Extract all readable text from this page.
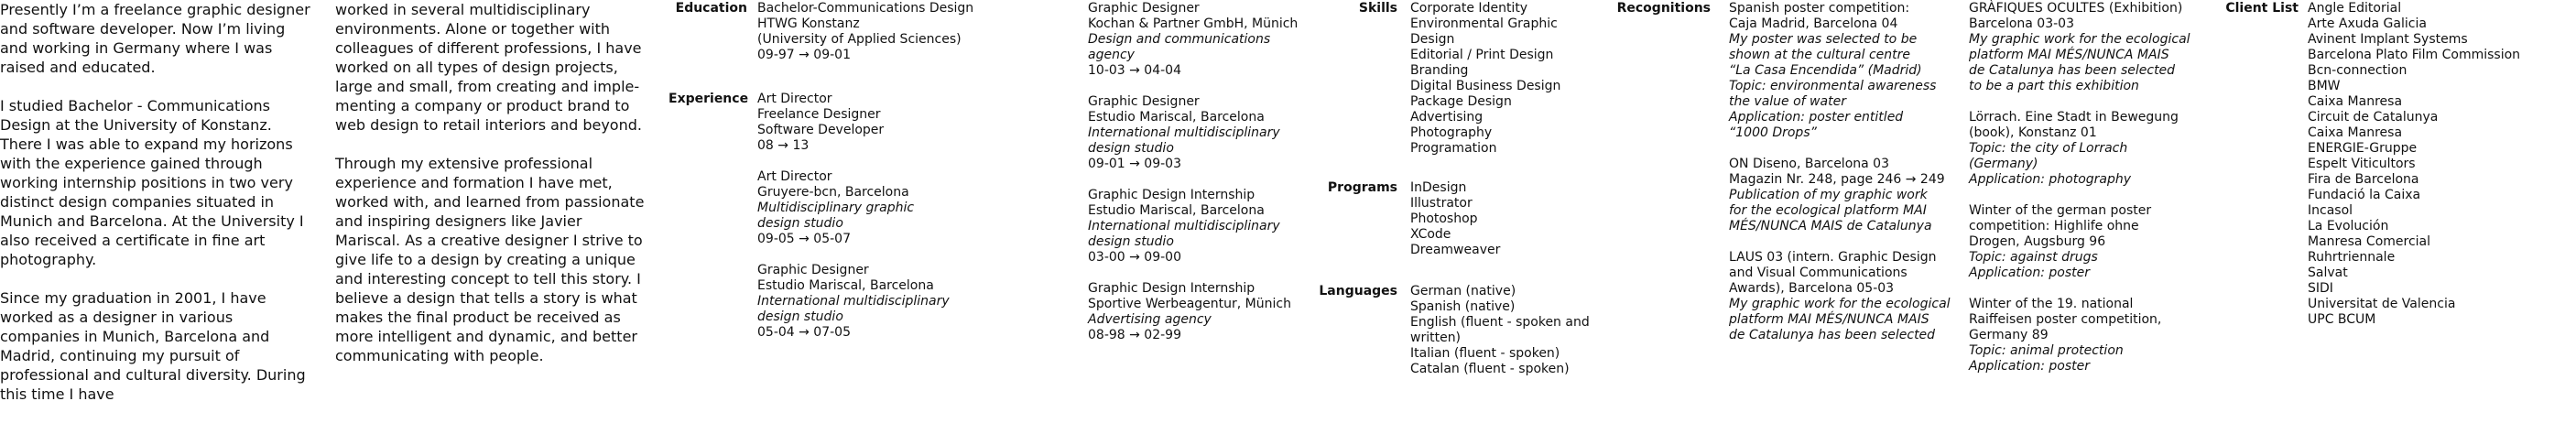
Presently I’m a freelance graphic designer and software developer. Now I’m living and working in Germany where I was raised and educated.

I studied Bachelor - Communications Design at the University of Konstanz. There I was able to expand my horizons with the experience gained through working internship positions in two very distinct design companies situated in Munich and Barcelona. At the University I also received a certificate in fine art photography.

Since my graduation in 2001, I have worked as a designer in various companies in Munich, Barcelona and Madrid, continuing my pursuit of professional and cultural diversity. During this time I have

worked in several multidisciplinary environments. Alone or together with colleagues of different professions, I have worked on all types of design projects, large and small, from creating and imple-menting a company or product brand to web design to retail interiors and beyond.

Through my extensive professional experience and formation I have met, worked with, and learned from passionate and inspiring designers like Javier Mariscal. As a creative designer I strive to give life to a design by creating a unique and interesting concept to tell this story. I believe a design that tells a story is what makes the final product be received as more intelligent and dynamic, and better communicating with people.

Education
Experience
Skills
Programs
Languages
Recognitions	Client List
Bachelor-Communications Design
HTWG Konstanz
(University of Applied Sciences)
09-97 → 09-01
Art Director
Freelance Designer
Software Developer
08 → 13
Art Director
Gruyere-bcn, Barcelona
Multidisciplinary graphic
design studio
09-05 → 05-07
Graphic Designer
Estudio Mariscal, Barcelona
International multidisciplinary
design studio
05-04 → 07-05
Graphic Designer
Kochan & Partner GmbH, Münich
Design and communications
agency
10-03 → 04-04
Graphic Designer
Estudio Mariscal, Barcelona
International multidisciplinary
design studio
09-01 → 09-03
Graphic Design Internship
Estudio Mariscal, Barcelona
International multidisciplinary
design studio
03-00 → 09-00
Graphic Design Internship
Sportive Werbeagentur, Münich
Advertising agency
08-98 → 02-99
Corporate Identity
Environmental Graphic Design
Editorial / Print Design
Branding
Digital Business Design
Package Design
Advertising
Photography
Programation
InDesign
Illustrator
Photoshop
XCode
Dreamweaver
German (native)
Spanish (native)
English (fluent - spoken and
written)
Italian (fluent - spoken)
Catalan (fluent - spoken)
Spanish poster competition:
Caja Madrid, Barcelona 04
My poster was selected to be
shown at the cultural centre
“La Casa Encendida” (Madrid)
Topic: environmental awareness
the value of water
Application: poster entitled
“1000 Drops”
ON Diseno, Barcelona 03
Magazin Nr. 248, page 246 → 249
Publication of my graphic work
for the ecological platform MAI
MÉS/NUNCA MAIS de Catalunya
LAUS 03 (intern. Graphic Design
and Visual Communications
Awards), Barcelona 05-03
My graphic work for the ecological
platform MAI MÉS/NUNCA MAIS
de Catalunya has been selected
GRÀFIQUES OCULTES (Exhibition)
Barcelona 03-03
My graphic work for the ecological
platform MAI MÉS/NUNCA MAIS
de Catalunya has been selected
to be a part this exhibition
Lörrach. Eine Stadt in Bewegung
(book), Konstanz 01
Topic: the city of Lorrach (Germany)
Application: photography
Winter of the german poster
competition: Highlife ohne
Drogen, Augsburg 96
Topic: against drugs
Application: poster
Winter of the 19. national
Raiffeisen poster competition,
Germany 89
Topic: animal protection
Application: poster
Angle Editorial
Arte Axuda Galicia
Avinent Implant Systems
Barcelona Plato Film Commission
Bcn-connection
BMW
Caixa Manresa
Circuit de Catalunya
Caixa Manresa
ENERGIE-Gruppe
Espelt Viticultors
Fira de Barcelona
Fundació la Caixa
Incasol
La Evolución
Manresa Comercial
Ruhrtriennale
Salvat
SIDI
Universitat de Valencia
UPC BCUM
